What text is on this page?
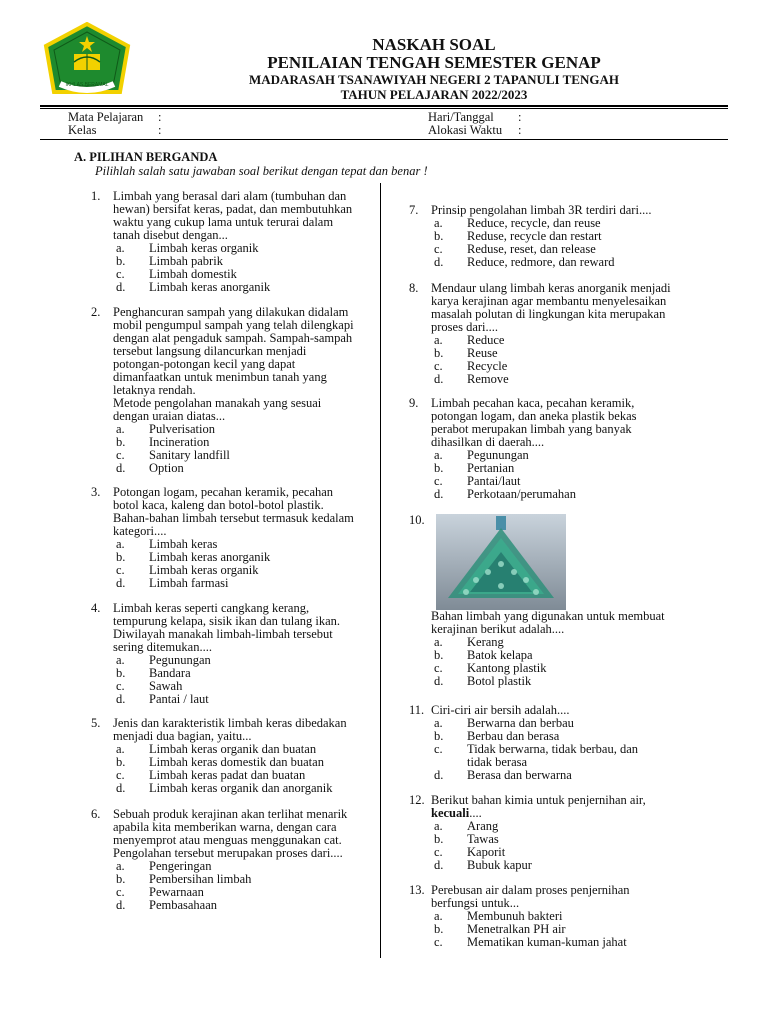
IKHLAS BERAMAL
NASKAH SOAL
PENILAIAN TENGAH SEMESTER GENAP
MADARASAH TSANAWIYAH NEGERI 2 TAPANULI TENGAH
TAHUN PELAJARAN 2022/2023
Mata Pelajaran :
Kelas	:
Hari/Tanggal :
Alokasi Waktu :
A. PILIHAN BERGANDA
Pilihlah salah satu jawaban soal berikut dengan tepat dan benar !
1. Limbah yang berasal dari alam (tumbuhan dan
hewan) bersifat keras, padat, dan membutuhkan
waktu yang cukup lama untuk terurai dalam
tanah disebut dengan...
a. Limbah keras organik
b. Limbah pabrik
c. Limbah domestik
d. Limbah keras anorganik
2. Penghancuran sampah yang dilakukan didalam
mobil pengumpul sampah yang telah dilengkapi
dengan alat pengaduk sampah. Sampah-sampah
tersebut langsung dilancurkan menjadi
potongan-potongan kecil yang dapat
dimanfaatkan untuk menimbun tanah yang
letaknya rendah.
Metode pengolahan manakah yang sesuai
dengan uraian diatas...
a. Pulverisation
b. Incineration
c. Sanitary landfill
d. Option
3. Potongan logam, pecahan keramik, pecahan
botol kaca, kaleng dan botol-botol plastik.
Bahan-bahan limbah tersebut termasuk kedalam
kategori....
a. Limbah keras
b. Limbah keras anorganik
c. Limbah keras organik
d. Limbah farmasi
4. Limbah keras seperti cangkang kerang,
tempurung kelapa, sisik ikan dan tulang ikan.
Diwilayah manakah limbah-limbah tersebut
sering ditemukan....
a. Pegunungan
b. Bandara
c. Sawah
d. Pantai / laut
5. Jenis dan karakteristik limbah keras dibedakan
menjadi dua bagian, yaitu...
a. Limbah keras organik dan buatan
b. Limbah keras domestik dan buatan
c. Limbah keras padat dan buatan
d. Limbah keras organik dan anorganik
6. Sebuah produk kerajinan akan terlihat menarik
apabila kita memberikan warna, dengan cara
menyemprot atau menguas menggunakan cat.
Pengolahan tersebut merupakan proses dari....
a. Pengeringan
b. Pembersihan limbah
c. Pewarnaan
d. Pembasahaan
7. Prinsip pengolahan limbah 3R terdiri dari....
a. Reduce, recycle, dan reuse
b. Reduse, recycle dan restart
c. Reduse, reset, dan release
d. Reduce, redmore, dan reward
8. Mendaur ulang limbah keras anorganik menjadi
karya kerajinan agar membantu menyelesaikan
masalah polutan di lingkungan kita merupakan
proses dari....
a. Reduce
b. Reuse
c. Recycle
d. Remove
9. Limbah pecahan kaca, pecahan keramik,
potongan logam, dan aneka plastik bekas
perabot merupakan limbah yang banyak
dihasilkan di daerah....
a. Pegunungan
b. Pertanian
c. Pantai/laut
d. Perkotaan/perumahan
10.
Bahan limbah yang digunakan untuk membuat
kerajinan berikut adalah....
a. Kerang
b. Batok kelapa
c. Kantong plastik
d. Botol plastik
11. Ciri-ciri air bersih adalah....
a. Berwarna dan berbau
b. Berbau dan berasa
c. Tidak berwarna, tidak berbau, dan
tidak berasa
d. Berasa dan berwarna
12. Berikut bahan kimia untuk penjernihan air,
kecuali....
a. Arang
b. Tawas
c. Kaporit
d. Bubuk kapur
13. Perebusan air dalam proses penjernihan
berfungsi untuk...
a. Membunuh bakteri
b. Menetralkan PH air
c. Mematikan kuman-kuman jahat
